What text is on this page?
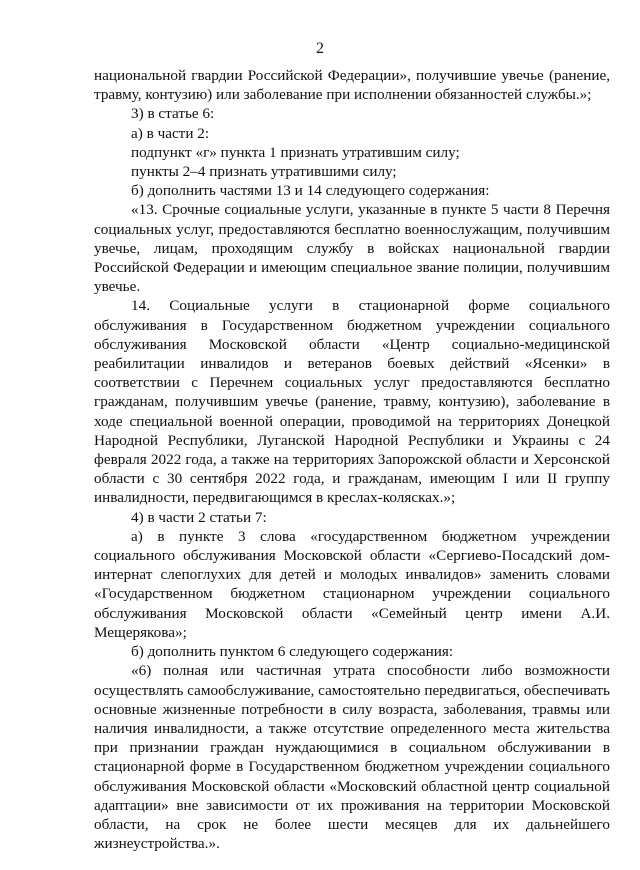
2

национальной гвардии Российской Федерации», получившие увечье (ранение, травму, контузию) или заболевание при исполнении обязанностей службы.»;

3) в статье 6:

а) в части 2:

подпункт «г» пункта 1 признать утратившим силу;

пункты 2–4 признать утратившими силу;

б) дополнить частями 13 и 14 следующего содержания:

«13. Срочные социальные услуги, указанные в пункте 5 части 8 Перечня социальных услуг, предоставляются бесплатно военнослужащим, получившим увечье, лицам, проходящим службу в войсках национальной гвардии Российской Федерации и имеющим специальное звание полиции, получившим увечье.

14. Социальные услуги в стационарной форме социального обслуживания в Государственном бюджетном учреждении социального обслуживания Московской области «Центр социально-медицинской реабилитации инвалидов и ветеранов боевых действий «Ясенки» в соответствии с Перечнем социальных услуг предоставляются бесплатно гражданам, получившим увечье (ранение, травму, контузию), заболевание в ходе специальной военной операции, проводимой на территориях Донецкой Народной Республики, Луганской Народной Республики и Украины с 24 февраля 2022 года, а также на территориях Запорожской области и Херсонской области с 30 сентября 2022 года, и гражданам, имеющим I или II группу инвалидности, передвигающимся в креслах-колясках.»;

4) в части 2 статьи 7:

а) в пункте 3 слова «государственном бюджетном учреждении социального обслуживания Московской области «Сергиево-Посадский дом-интернат слепоглухих для детей и молодых инвалидов» заменить словами «Государственном бюджетном стационарном учреждении социального обслуживания Московской области «Семейный центр имени А.И. Мещерякова»;

б) дополнить пунктом 6 следующего содержания:

«6) полная или частичная утрата способности либо возможности осуществлять самообслуживание, самостоятельно передвигаться, обеспечивать основные жизненные потребности в силу возраста, заболевания, травмы или наличия инвалидности, а также отсутствие определенного места жительства при признании граждан нуждающимися в социальном обслуживании в стационарной форме в Государственном бюджетном учреждении социального обслуживания Московской области «Московский областной центр социальной адаптации» вне зависимости от их проживания на территории Московской области, на срок не более шести месяцев для их дальнейшего жизнеустройства.».
